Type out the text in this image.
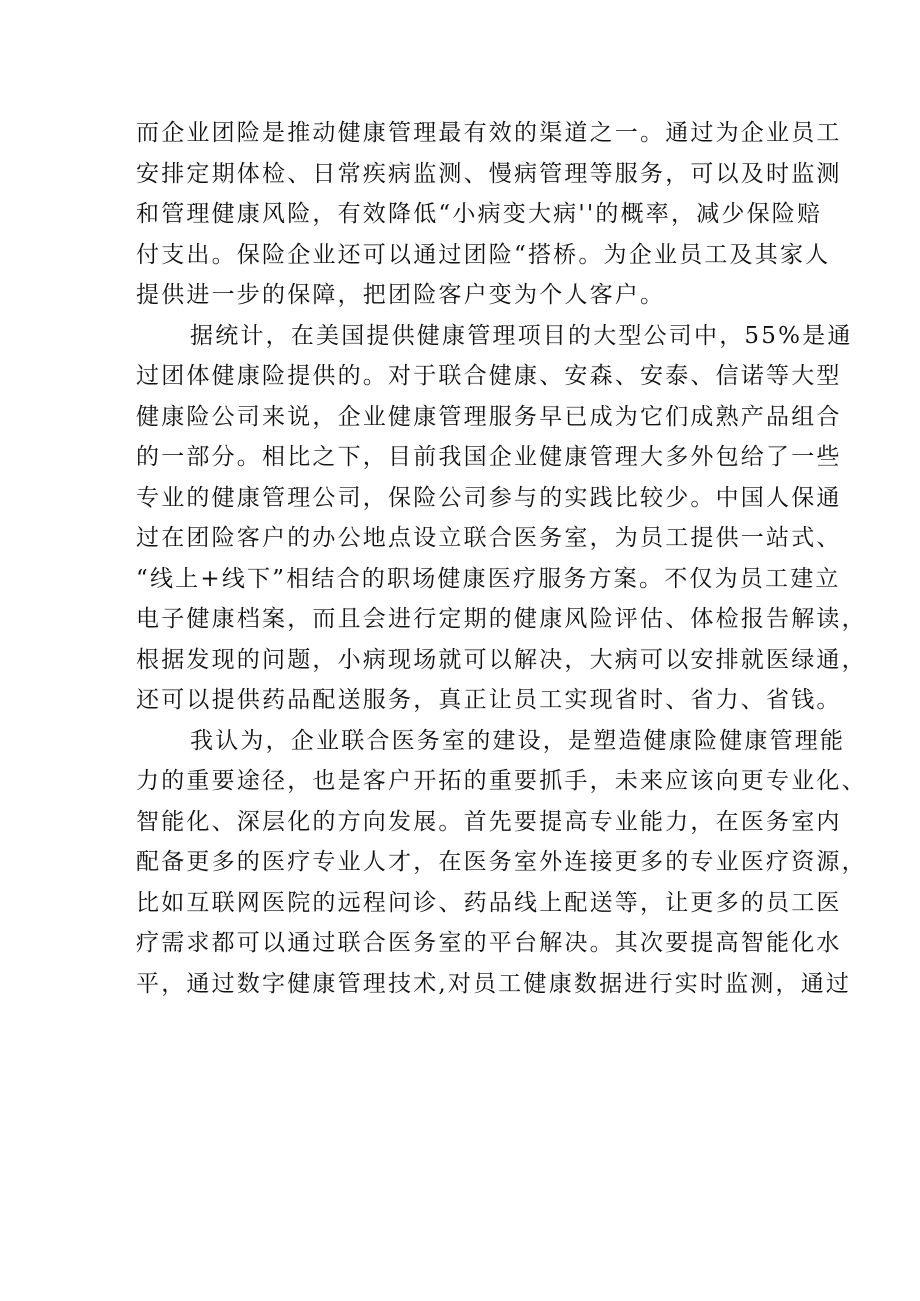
而企业团险是推动健康管理最有效的渠道之一。通过为企业员工
安排定期体检、日常疾病监测、慢病管理等服务，可以及时监测
和管理健康风险，有效降低“小病变大病''的概率，减少保险赔
付支出。保险企业还可以通过团险“搭桥。为企业员工及其家人
提供进一步的保障，把团险客户变为个人客户。
据统计，在美国提供健康管理项目的大型公司中，55%是通
过团体健康险提供的。对于联合健康、安森、安泰、信诺等大型
健康险公司来说，企业健康管理服务早已成为它们成熟产品组合
的一部分。相比之下，目前我国企业健康管理大多外包给了一些
专业的健康管理公司，保险公司参与的实践比较少。中国人保通
过在团险客户的办公地点设立联合医务室，为员工提供一站式、
“线上+线下”相结合的职场健康医疗服务方案。不仅为员工建立
电子健康档案，而且会进行定期的健康风险评估、体检报告解读，
根据发现的问题，小病现场就可以解决，大病可以安排就医绿通，
还可以提供药品配送服务，真正让员工实现省时、省力、省钱。
我认为，企业联合医务室的建设，是塑造健康险健康管理能
力的重要途径，也是客户开拓的重要抓手，未来应该向更专业化、
智能化、深层化的方向发展。首先要提高专业能力，在医务室内
配备更多的医疗专业人才，在医务室外连接更多的专业医疗资源，
比如互联网医院的远程问诊、药品线上配送等，让更多的员工医
疗需求都可以通过联合医务室的平台解决。其次要提高智能化水
平，通过数字健康管理技术,对员工健康数据进行实时监测，通过
